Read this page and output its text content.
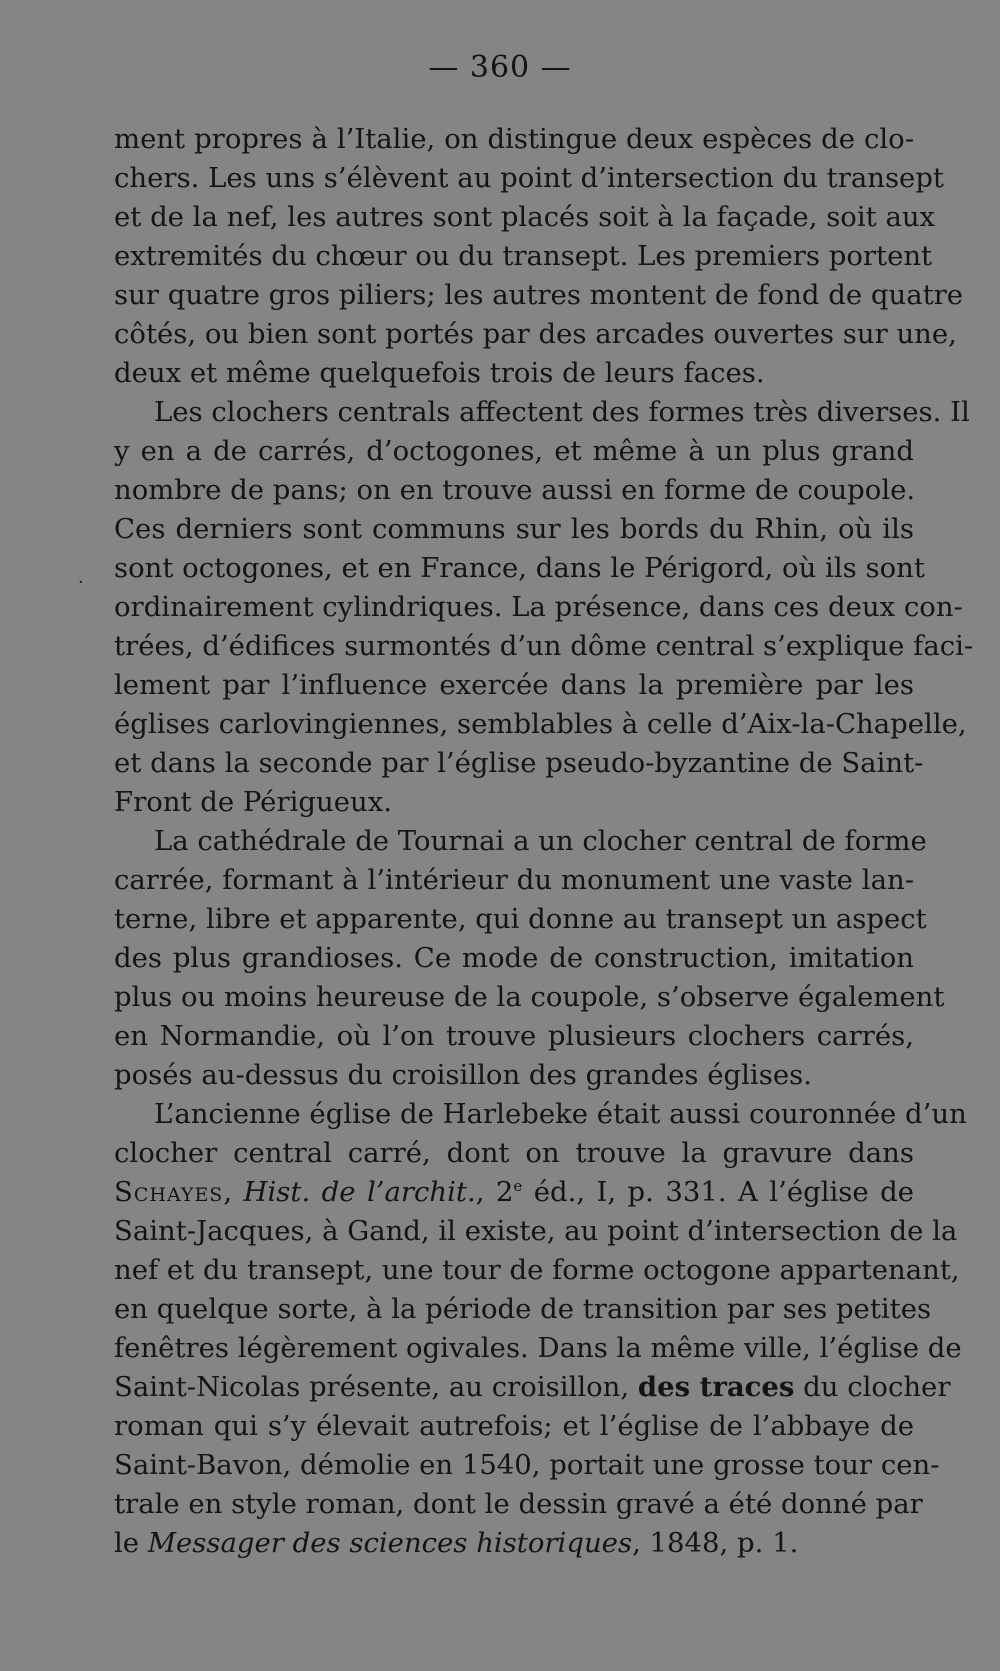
— 360 —
·
ment propres à l’Italie, on distingue deux espèces de clo-
chers. Les uns s’élèvent au point d’intersection du transept
et de la nef, les autres sont placés soit à la façade, soit aux
extremités du chœur ou du transept. Les premiers portent
sur quatre gros piliers; les autres montent de fond de quatre
côtés, ou bien sont portés par des arcades ouvertes sur une,
deux et même quelquefois trois de leurs faces.
Les clochers centrals affectent des formes très diverses. Il
y en a de carrés, d’octogones, et même à un plus grand
nombre de pans; on en trouve aussi en forme de coupole.
Ces derniers sont communs sur les bords du Rhin, où ils
sont octogones, et en France, dans le Périgord, où ils sont
ordinairement cylindriques. La présence, dans ces deux con-
trées, d’édifices surmontés d’un dôme central s’explique faci-
lement par l’influence exercée dans la première par les
églises carlovingiennes, semblables à celle d’Aix-la-Chapelle,
et dans la seconde par l’église pseudo-byzantine de Saint-
Front de Périgueux.
La cathédrale de Tournai a un clocher central de forme
carrée, formant à l’intérieur du monument une vaste lan-
terne, libre et apparente, qui donne au transept un aspect
des plus grandioses. Ce mode de construction, imitation
plus ou moins heureuse de la coupole, s’observe également
en Normandie, où l’on trouve plusieurs clochers carrés,
posés au-dessus du croisillon des grandes églises.
L’ancienne église de Harlebeke était aussi couronnée d’un
clocher central carré, dont on trouve la gravure dans
Schayes, Hist. de l’archit., 2e éd., I, p. 331. A l’église de
Saint-Jacques, à Gand, il existe, au point d’intersection de la
nef et du transept, une tour de forme octogone appartenant,
en quelque sorte, à la période de transition par ses petites
fenêtres légèrement ogivales. Dans la même ville, l’église de
Saint-Nicolas présente, au croisillon, des traces du clocher
roman qui s’y élevait autrefois; et l’église de l’abbaye de
Saint-Bavon, démolie en 1540, portait une grosse tour cen-
trale en style roman, dont le dessin gravé a été donné par
le Messager des sciences historiques, 1848, p. 1.
